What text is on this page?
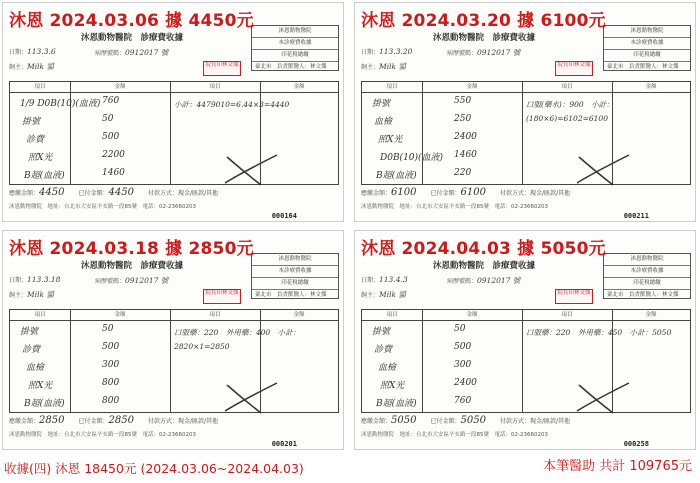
沐恩 2024.03.06 據 4450元
沐恩動物醫院　診療費收據
日期：113.3.6	病歷號碼：0912017 號
飼主：Milk 貓
沐恩動物醫院
本診療費收據
印花稅總繳
臺北市　負責獸醫人：林文傑
院長印林文傑
項目	金額	項目	金額
1/9 D0B(10)(血液) 760
掛號	50
診費	500
照X光	2200
B超(血液)	1460
小計：4479010=6.44×3=4440
應繳金額：4450 已付金額：4450 付款方式：現金/匯款/其他
沐恩動物醫院　地址：台北市大安區辛亥路一段85號　電話：02-23660203
000164
沐恩 2024.03.20 據 6100元
沐恩動物醫院　診療費收據
日期：113.3.20	病歷號碼：0912017 號
飼主：Milk 貓
沐恩動物醫院
本診療費收據
印花稅總繳
臺北市　負責獸醫人：林文傑
院長印林文傑
項目	金額	項目	金額
掛號	550
血檢	250
照X光	2400
D0B(10)(血液) 1460
B超(血液)	220
口服(藥水)：900　小計：(180×6)=6102=6100
應繳金額：6100 已付金額：6100 付款方式：現金/匯款/其他
沐恩動物醫院　地址：台北市大安區辛亥路一段85號　電話：02-23660203
000211
沐恩 2024.03.18 據 2850元
沐恩動物醫院　診療費收據
日期：113.3.18	病歷號碼：0912017 號
飼主：Milk 貓
沐恩動物醫院
本診療費收據
印花稅總繳
臺北市　負責獸醫人：林文傑
院長印林文傑
項目	金額	項目	金額
掛號	50
診費	500
血檢	300
照X光	800
B超(血液)	800
口服藥：220　外用藥：400　小計：2820×1=2850
應繳金額：2850 已付金額：2850 付款方式：現金/匯款/其他
沐恩動物醫院　地址：台北市大安區辛亥路一段85號　電話：02-23660203
000201
沐恩 2024.04.03 據 5050元
沐恩動物醫院　診療費收據
日期：113.4.3	病歷號碼：0912017 號
飼主：Milk 貓
沐恩動物醫院
本診療費收據
印花稅總繳
臺北市　負責獸醫人：林文傑
院長印林文傑
項目	金額	項目	金額
掛號	50
診費	500
血檢	300
照X光	2400
B超(血液)	760
口服藥：220　外用藥：450　小計：5050
應繳金額：5050 已付金額：5050 付款方式：現金/匯款/其他
沐恩動物醫院　地址：台北市大安區辛亥路一段85號　電話：02-23660203
000258
收據(四) 沐恩 18450元 (2024.03.06~2024.04.03)	本筆醫助 共計 109765元
